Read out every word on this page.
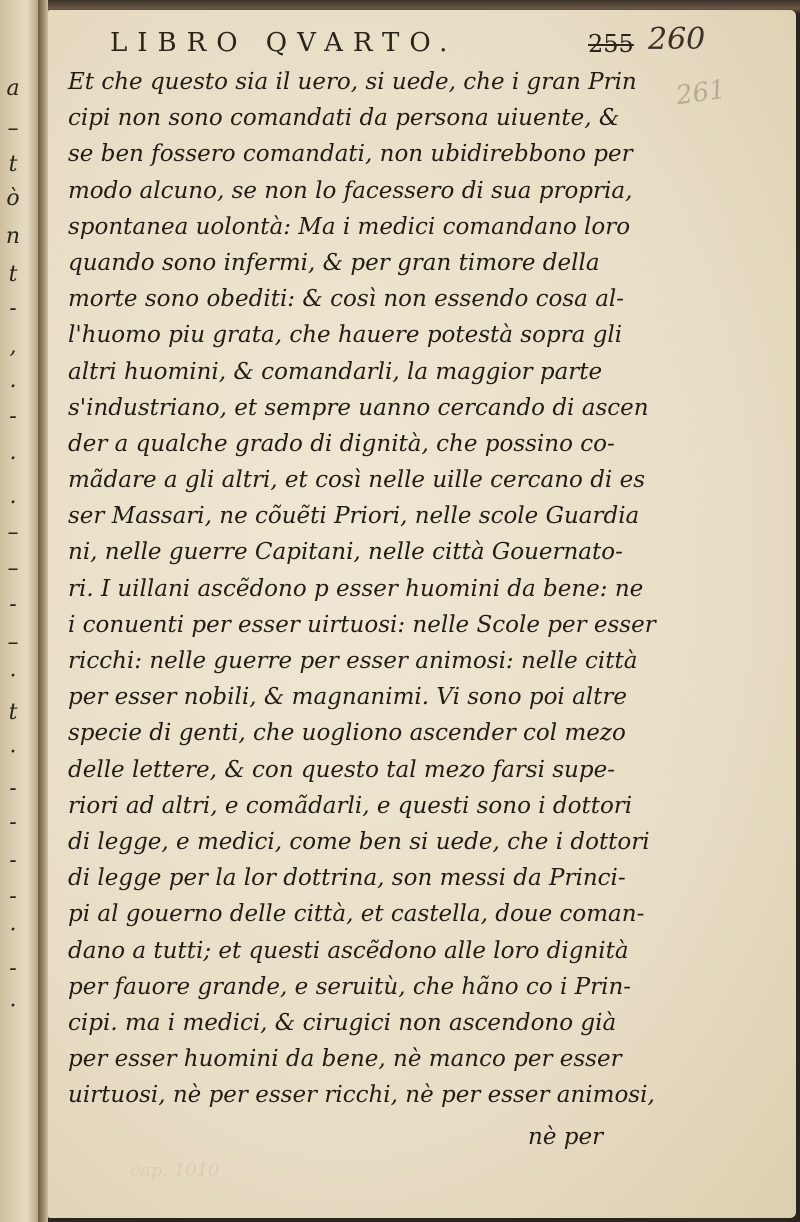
a
–
t
ò
n
t
-
,
.
-
.
.
–
–
-
–
·
t
·
-
-
-
-
·
-
·
LIBRO QVARTO.	255 260
261
Et che questo sia il uero, si uede, che i gran Prin
cipi non sono comandati da persona uiuente, &
se ben fossero comandati, non ubidirebbono per
modo alcuno, se non lo facessero di sua propria,
spontanea uolontà: Ma i medici comandano loro
quando sono infermi, & per gran timore della
morte sono obediti: & così non essendo cosa al-
l'huomo piu grata, che hauere potestà sopra gli
altri huomini, & comandarli, la maggior parte
s'industriano, et sempre uanno cercando di ascen
der a qualche grado di dignità, che possino co-
mãdare a gli altri, et così nelle uille cercano di es
ser Massari, ne cõuẽti Priori, nelle scole Guardia
ni, nelle guerre Capitani, nelle città Gouernato-
ri. I uillani ascẽdono p esser huomini da bene: ne
i conuenti per esser uirtuosi: nelle Scole per esser
ricchi: nelle guerre per esser animosi: nelle città
per esser nobili, & magnanimi. Vi sono poi altre
specie di genti, che uogliono ascender col mezo
delle lettere, & con questo tal mezo farsi supe-
riori ad altri, e comãdarli, e questi sono i dottori
di legge, e medici, come ben si uede, che i dottori
di legge per la lor dottrina, son messi da Princi-
pi al gouerno delle città, et castella, doue coman-
dano a tutti; et questi ascẽdono alle loro dignità
per fauore grande, e seruitù, che hãno co i Prin-
cipi. ma i medici, & cirugici non ascendono già
per esser huomini da bene, nè manco per esser
uirtuosi, nè per esser ricchi, nè per esser animosi,
nè per
cap. 1010
